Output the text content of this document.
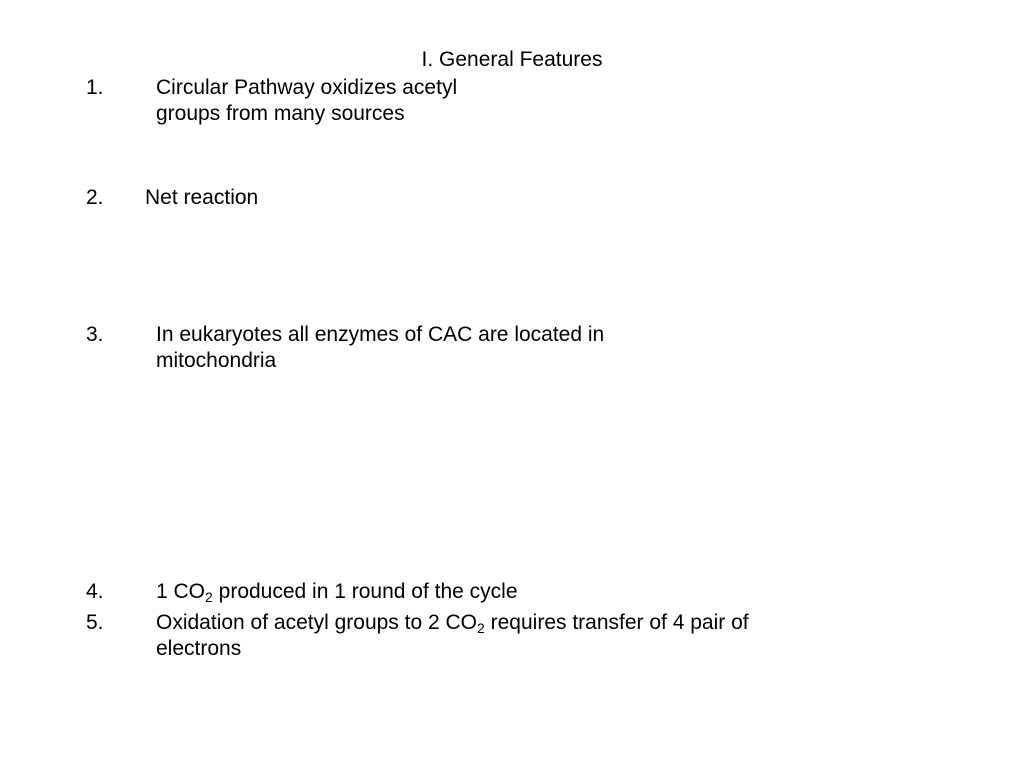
I. General Features
1. Circular Pathway oxidizes acetyl
groups from many sources
2. Net reaction
3. In eukaryotes all enzymes of CAC are located in
mitochondria
4. 1 $CO_2$ produced in 1 round of the cycle
5. Oxidation of acetyl groups to 2 $CO_2$ requires transfer of 4 pair of
electrons
